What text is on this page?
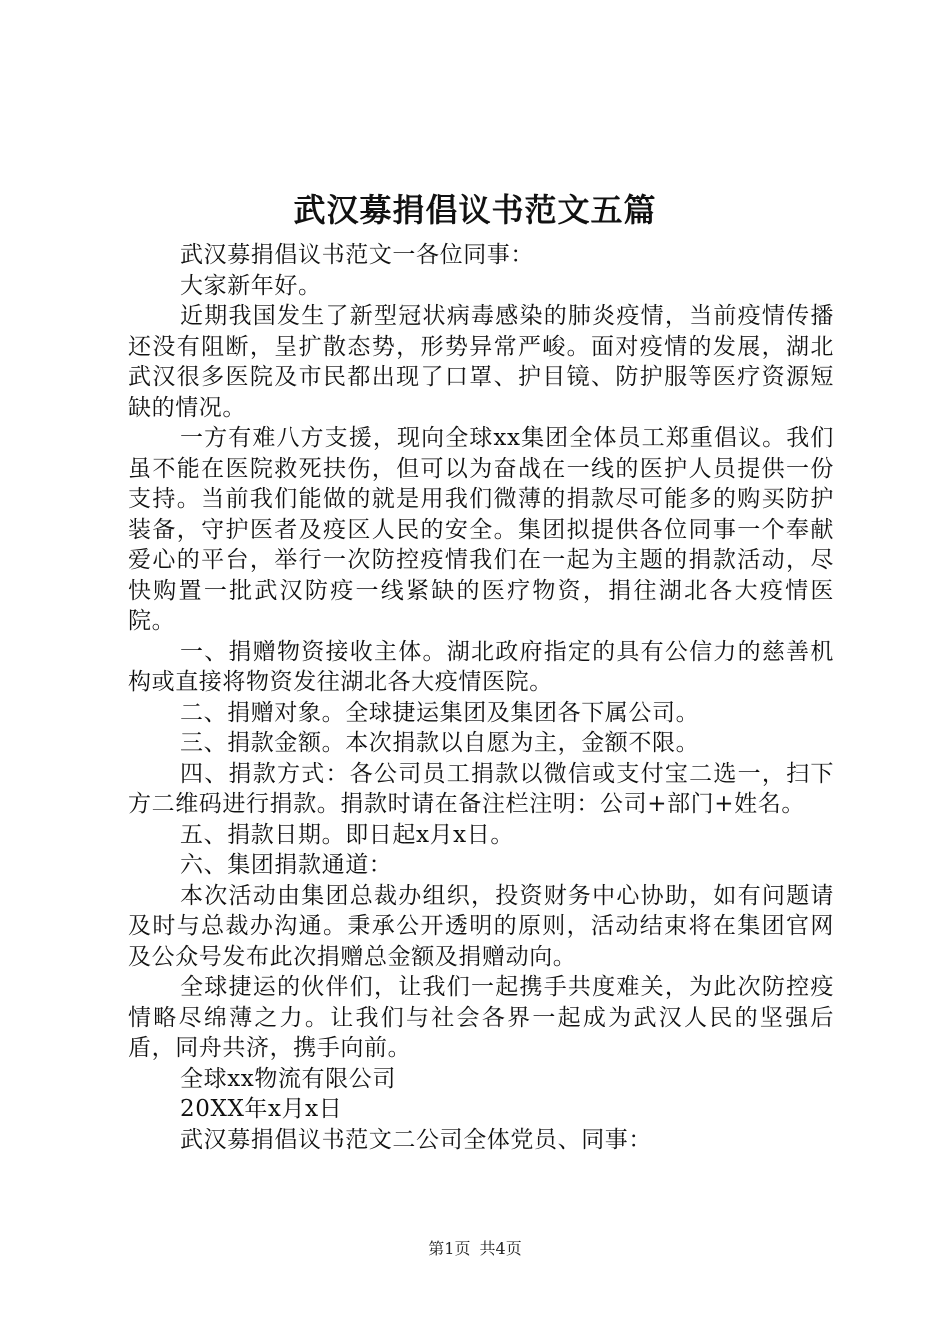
武汉募捐倡议书范文五篇

武汉募捐倡议书范文一各位同事：

大家新年好。

近期我国发生了新型冠状病毒感染的肺炎疫情，当前疫情传播还没有阻断，呈扩散态势，形势异常严峻。面对疫情的发展，湖北武汉很多医院及市民都出现了口罩、护目镜、防护服等医疗资源短缺的情况。

一方有难八方支援，现向全球xx集团全体员工郑重倡议。我们虽不能在医院救死扶伤，但可以为奋战在一线的医护人员提供一份支持。当前我们能做的就是用我们微薄的捐款尽可能多的购买防护装备，守护医者及疫区人民的安全。集团拟提供各位同事一个奉献爱心的平台，举行一次防控疫情我们在一起为主题的捐款活动，尽快购置一批武汉防疫一线紧缺的医疗物资，捐往湖北各大疫情医院。

一、捐赠物资接收主体。湖北政府指定的具有公信力的慈善机构或直接将物资发往湖北各大疫情医院。

二、捐赠对象。全球捷运集团及集团各下属公司。

三、捐款金额。本次捐款以自愿为主，金额不限。

四、捐款方式：各公司员工捐款以微信或支付宝二选一，扫下方二维码进行捐款。捐款时请在备注栏注明：公司+部门+姓名。

五、捐款日期。即日起x月x日。

六、集团捐款通道：

本次活动由集团总裁办组织，投资财务中心协助，如有问题请及时与总裁办沟通。秉承公开透明的原则，活动结束将在集团官网及公众号发布此次捐赠总金额及捐赠动向。

全球捷运的伙伴们，让我们一起携手共度难关，为此次防控疫情略尽绵薄之力。让我们与社会各界一起成为武汉人民的坚强后盾，同舟共济，携手向前。

全球xx物流有限公司

20XX年x月x日

武汉募捐倡议书范文二公司全体党员、同事：

第1页 共4页
